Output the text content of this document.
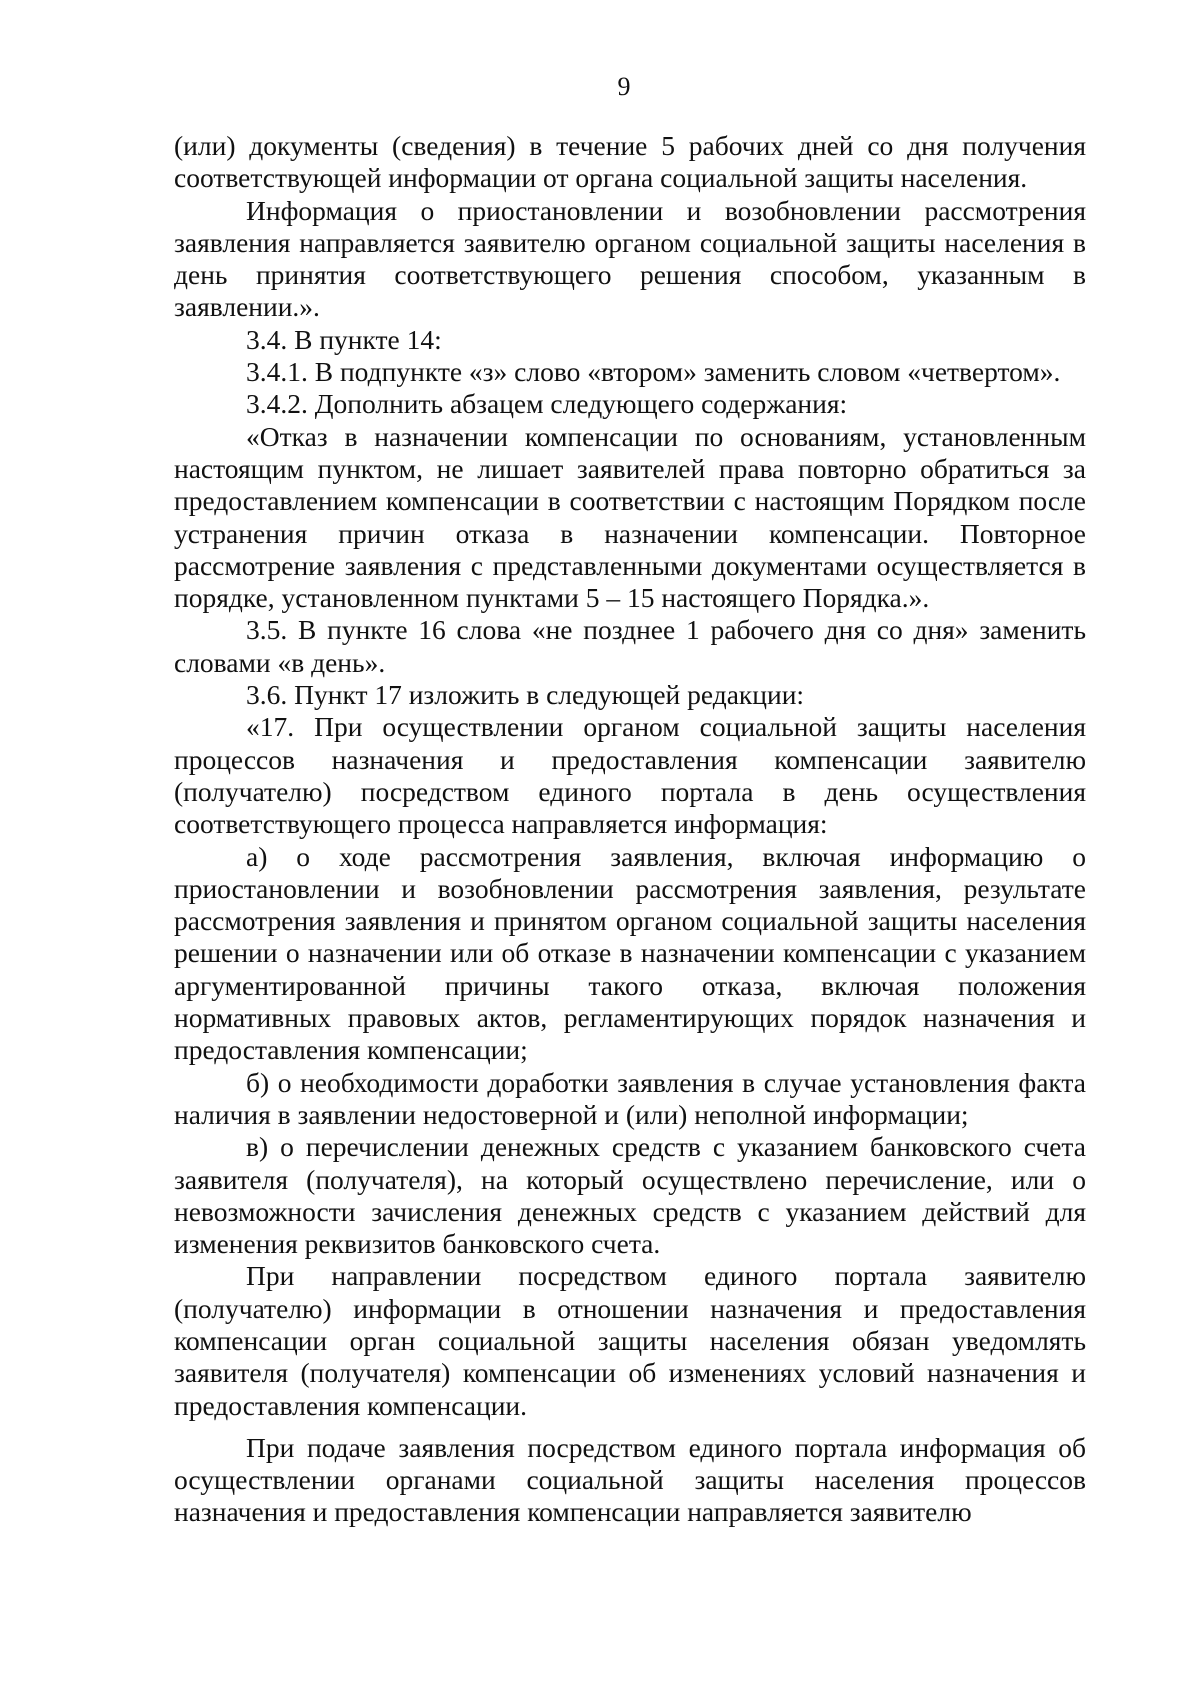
9

(или) документы (сведения) в течение 5 рабочих дней со дня получения соответствующей информации от органа социальной защиты населения.

Информация о приостановлении и возобновлении рассмотрения заявления направляется заявителю органом социальной защиты населения в день принятия соответствующего решения способом, указанным в заявлении.».

3.4. В пункте 14:

3.4.1. В подпункте «з» слово «втором» заменить словом «четвертом».

3.4.2. Дополнить абзацем следующего содержания:

«Отказ в назначении компенсации по основаниям, установленным настоящим пунктом, не лишает заявителей права повторно обратиться за предоставлением компенсации в соответствии с настоящим Порядком после устранения причин отказа в назначении компенсации. Повторное рассмотрение заявления с представленными документами осуществляется в порядке, установленном пунктами 5 – 15 настоящего Порядка.».

3.5. В пункте 16 слова «не позднее 1 рабочего дня со дня» заменить словами «в день».

3.6. Пункт 17 изложить в следующей редакции:

«17. При осуществлении органом социальной защиты населения процессов назначения и предоставления компенсации заявителю (получателю) посредством единого портала в день осуществления соответствующего процесса направляется информация:

а) о ходе рассмотрения заявления, включая информацию о приостановлении и возобновлении рассмотрения заявления, результате рассмотрения заявления и принятом органом социальной защиты населения решении о назначении или об отказе в назначении компенсации с указанием аргументированной причины такого отказа, включая положения нормативных правовых актов, регламентирующих порядок назначения и предоставления компенсации;

б) о необходимости доработки заявления в случае установления факта наличия в заявлении недостоверной и (или) неполной информации;

в) о перечислении денежных средств с указанием банковского счета заявителя (получателя), на который осуществлено перечисление, или о невозможности зачисления денежных средств с указанием действий для изменения реквизитов банковского счета.

При направлении посредством единого портала заявителю (получателю) информации в отношении назначения и предоставления компенсации орган социальной защиты населения обязан уведомлять заявителя (получателя) компенсации об изменениях условий назначения и предоставления компенсации.

При подаче заявления посредством единого портала информация об осуществлении органами социальной защиты населения процессов назначения и предоставления компенсации направляется заявителю
